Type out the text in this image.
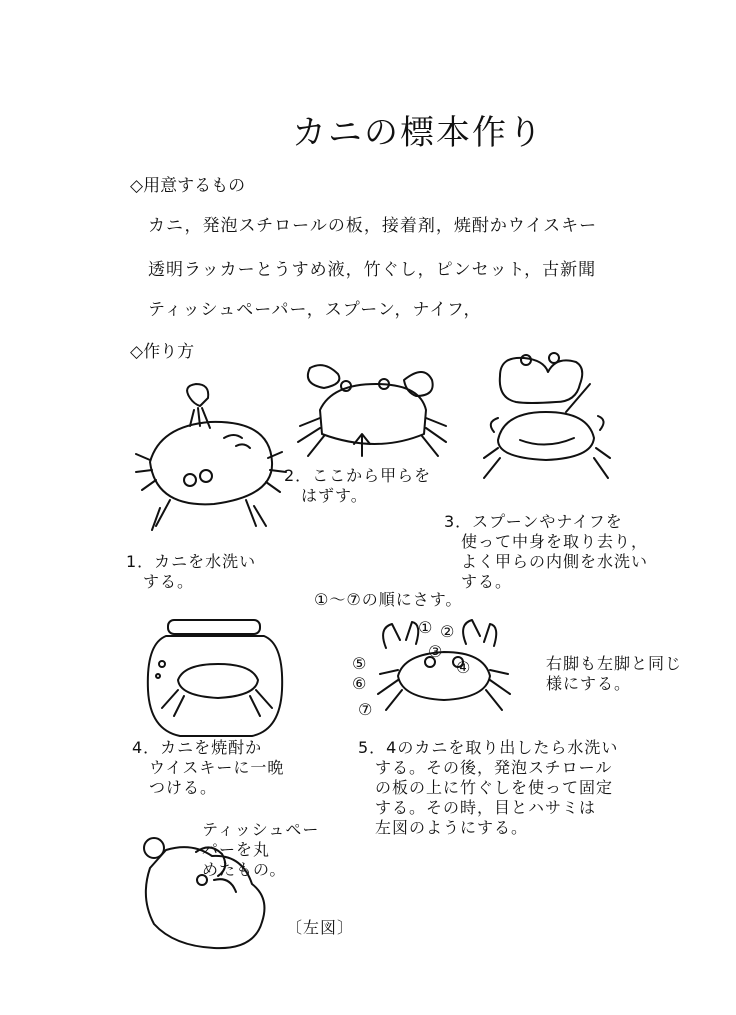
カニの標本作り
◇用意するもの
カニ，発泡スチロールの板，接着剤，焼酎かウイスキー
透明ラッカーとうすめ液，竹ぐし，ピンセット，古新聞
ティッシュペーパー，スプーン，ナイフ，
◇作り方
1．カニを水洗い
　する。
2．ここから甲らを
　はずす。
3．スプーンやナイフを
　使って中身を取り去り，
　よく甲らの内側を水洗い
　する。
①～⑦の順にさす。
① ②
③
④
⑤
⑥
⑦
右脚も左脚と同じ
様にする。
4．カニを焼酎か
　ウイスキーに一晩
　つける。
5．4のカニを取り出したら水洗い
　する。その後，発泡スチロール
　の板の上に竹ぐしを使って固定
　する。その時，目とハサミは
　左図のようにする。
ティッシュペー
パーを丸
めたもの。
〔左図〕
